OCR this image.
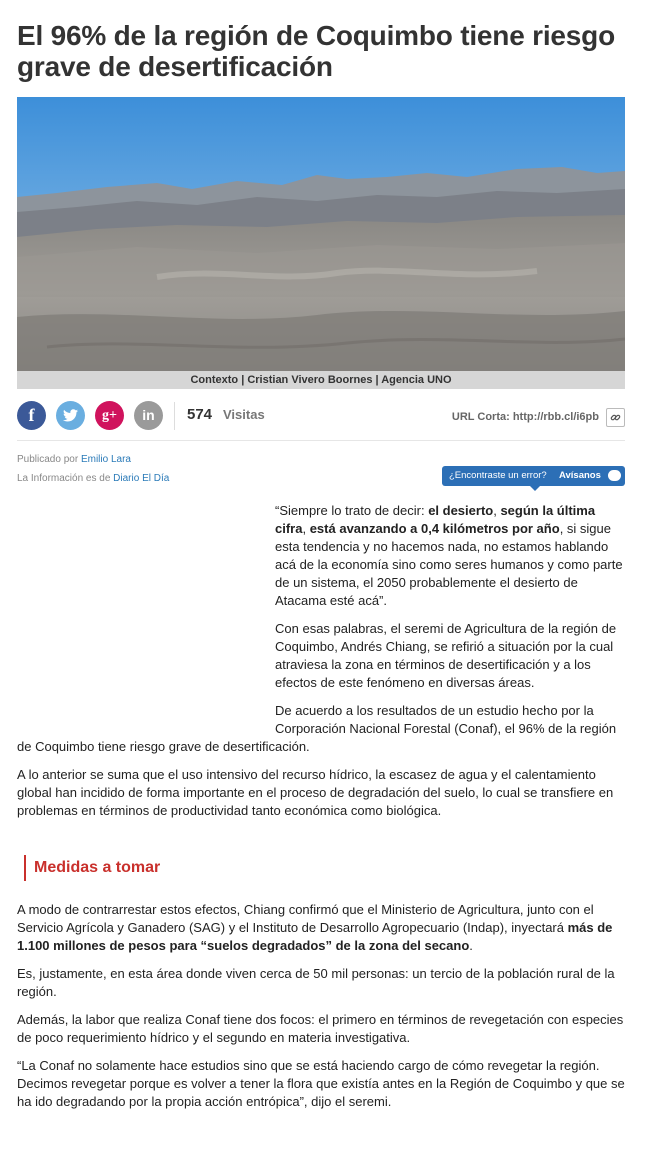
El 96% de la región de Coquimbo tiene riesgo grave de desertificación
Contexto | Cristian Vivero Boornes | Agencia UNO
f	g+	in	574 Visitas	URL Corta: http://rbb.cl/i6pb
Publicado por Emilio Lara
La Información es de Diario El Día	¿Encontraste un error? Avísanos

“Siempre lo trato de decir: el desierto, según la última cifra, está avanzando a 0,4 kilómetros por año, si sigue esta tendencia y no hacemos nada, no estamos hablando acá de la economía sino como seres humanos y como parte de un sistema, el 2050 probablemente el desierto de Atacama esté acá”.

Con esas palabras, el seremi de Agricultura de la región de Coquimbo, Andrés Chiang, se refirió a situación por la cual atraviesa la zona en términos de desertificación y a los efectos de este fenómeno en diversas áreas.

De acuerdo a los resultados de un estudio hecho por la Corporación Nacional Forestal (Conaf), el 96% de la región de Coquimbo tiene riesgo grave de desertificación.

A lo anterior se suma que el uso intensivo del recurso hídrico, la escasez de agua y el calentamiento global han incidido de forma importante en el proceso de degradación del suelo, lo cual se transfiere en problemas en términos de productividad tanto económica como biológica.

Medidas a tomar

A modo de contrarrestar estos efectos, Chiang confirmó que el Ministerio de Agricultura, junto con el Servicio Agrícola y Ganadero (SAG) y el Instituto de Desarrollo Agropecuario (Indap), inyectará más de 1.100 millones de pesos para “suelos degradados” de la zona del secano.

Es, justamente, en esta área donde viven cerca de 50 mil personas: un tercio de la población rural de la región.

Además, la labor que realiza Conaf tiene dos focos: el primero en términos de revegetación con especies de poco requerimiento hídrico y el segundo en materia investigativa.

“La Conaf no solamente hace estudios sino que se está haciendo cargo de cómo revegetar la región. Decimos revegetar porque es volver a tener la flora que existía antes en la Región de Coquimbo y que se ha ido degradando por la propia acción entrópica”, dijo el seremi.
